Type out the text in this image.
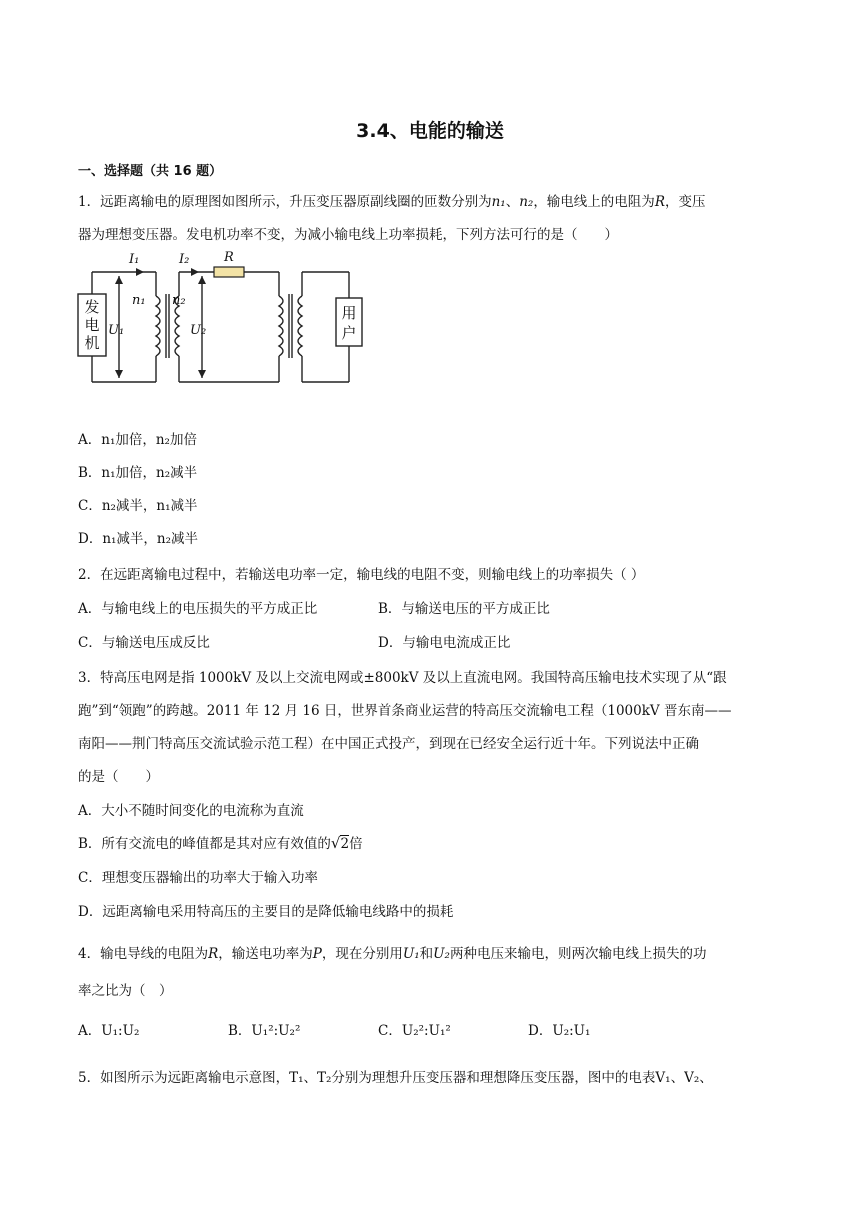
3.4、电能的输送
一、选择题（共 16 题）
1．远距离输电的原理图如图所示，升压变压器原副线圈的匝数分别为n₁、n₂，输电线上的电阻为R，变压
器为理想变压器。发电机功率不变，为减小输电线上功率损耗，下列方法可行的是（　　）
I₁	I₂	R
n₁ n₂
U₁	U₂
发
电
机
用
户
A．n₁加倍，n₂加倍
B．n₁加倍，n₂减半
C．n₂减半，n₁减半
D．n₁减半，n₂减半
2．在远距离输电过程中，若输送电功率一定，输电线的电阻不变，则输电线上的功率损失（ ）
A．与输电线上的电压损失的平方成正比	B．与输送电压的平方成正比
C．与输送电压成反比	D．与输电电流成正比
3．特高压电网是指 1000kV 及以上交流电网或±800kV 及以上直流电网。我国特高压输电技术实现了从“跟
跑”到“领跑”的跨越。2011 年 12 月 16 日，世界首条商业运营的特高压交流输电工程（1000kV 晋东南——
南阳——荆门特高压交流试验示范工程）在中国正式投产，到现在已经安全运行近十年。下列说法中正确
的是（　　）
A．大小不随时间变化的电流称为直流
B．所有交流电的峰值都是其对应有效值的√2倍
C．理想变压器输出的功率大于输入功率
D．远距离输电采用特高压的主要目的是降低输电线路中的损耗
4．输电导线的电阻为R，输送电功率为P，现在分别用U₁和U₂两种电压来输电，则两次输电线上损失的功
率之比为（　）
A．U₁:U₂	B．U₁²:U₂²	C．U₂²:U₁²	D．U₂:U₁
5．如图所示为远距离输电示意图，T₁、T₂分别为理想升压变压器和理想降压变压器，图中的电表V₁、V₂、
